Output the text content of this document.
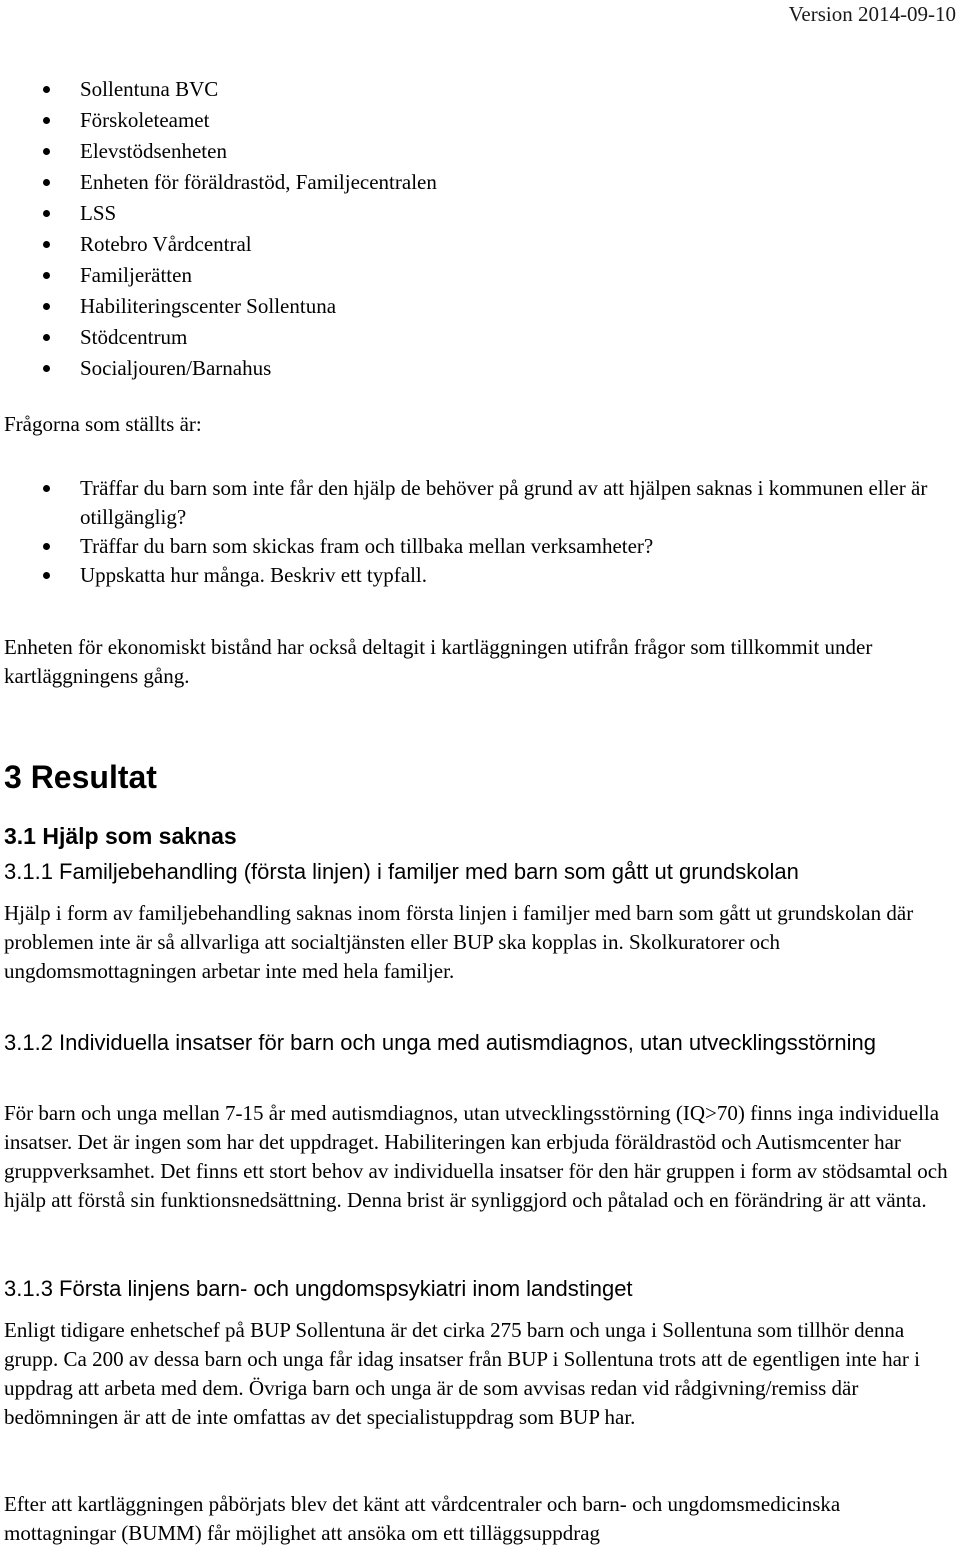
Version 2014-09-10
Sollentuna BVC
Förskoleteamet
Elevstödsenheten
Enheten för föräldrastöd, Familjecentralen
LSS
Rotebro Vårdcentral
Familjerätten
Habiliteringscenter Sollentuna
Stödcentrum
Socialjouren/Barnahus

Frågorna som ställts är:

Träffar du barn som inte får den hjälp de behöver på grund av att hjälpen saknas i kommunen eller är otillgänglig?
Träffar du barn som skickas fram och tillbaka mellan verksamheter?
Uppskatta hur många. Beskriv ett typfall.

Enheten för ekonomiskt bistånd har också deltagit i kartläggningen utifrån frågor som tillkommit under kartläggningens gång.

3 Resultat
3.1 Hjälp som saknas
3.1.1 Familjebehandling (första linjen) i familjer med barn som gått ut grundskolan

Hjälp i form av familjebehandling saknas inom första linjen i familjer med barn som gått ut grundskolan där problemen inte är så allvarliga att socialtjänsten eller BUP ska kopplas in. Skolkuratorer och ungdomsmottagningen arbetar inte med hela familjer.

3.1.2 Individuella insatser för barn och unga med autismdiagnos, utan utvecklingsstörning

För barn och unga mellan 7-15 år med autismdiagnos, utan utvecklingsstörning (IQ>70) finns inga individuella insatser. Det är ingen som har det uppdraget. Habiliteringen kan erbjuda föräldrastöd och Autismcenter har gruppverksamhet. Det finns ett stort behov av individuella insatser för den här gruppen i form av stödsamtal och hjälp att förstå sin funktionsnedsättning. Denna brist är synliggjord och påtalad och en förändring är att vänta.

3.1.3 Första linjens barn- och ungdomspsykiatri inom landstinget

Enligt tidigare enhetschef på BUP Sollentuna är det cirka 275 barn och unga i Sollentuna som tillhör denna grupp. Ca 200 av dessa barn och unga får idag insatser från BUP i Sollentuna trots att de egentligen inte har i uppdrag att arbeta med dem. Övriga barn och unga är de som avvisas redan vid rådgivning/remiss där bedömningen är att de inte omfattas av det specialistuppdrag som BUP har.

Efter att kartläggningen påbörjats blev det känt att vårdcentraler och barn- och ungdomsmedicinska mottagningar (BUMM) får möjlighet att ansöka om ett tilläggsuppdrag
